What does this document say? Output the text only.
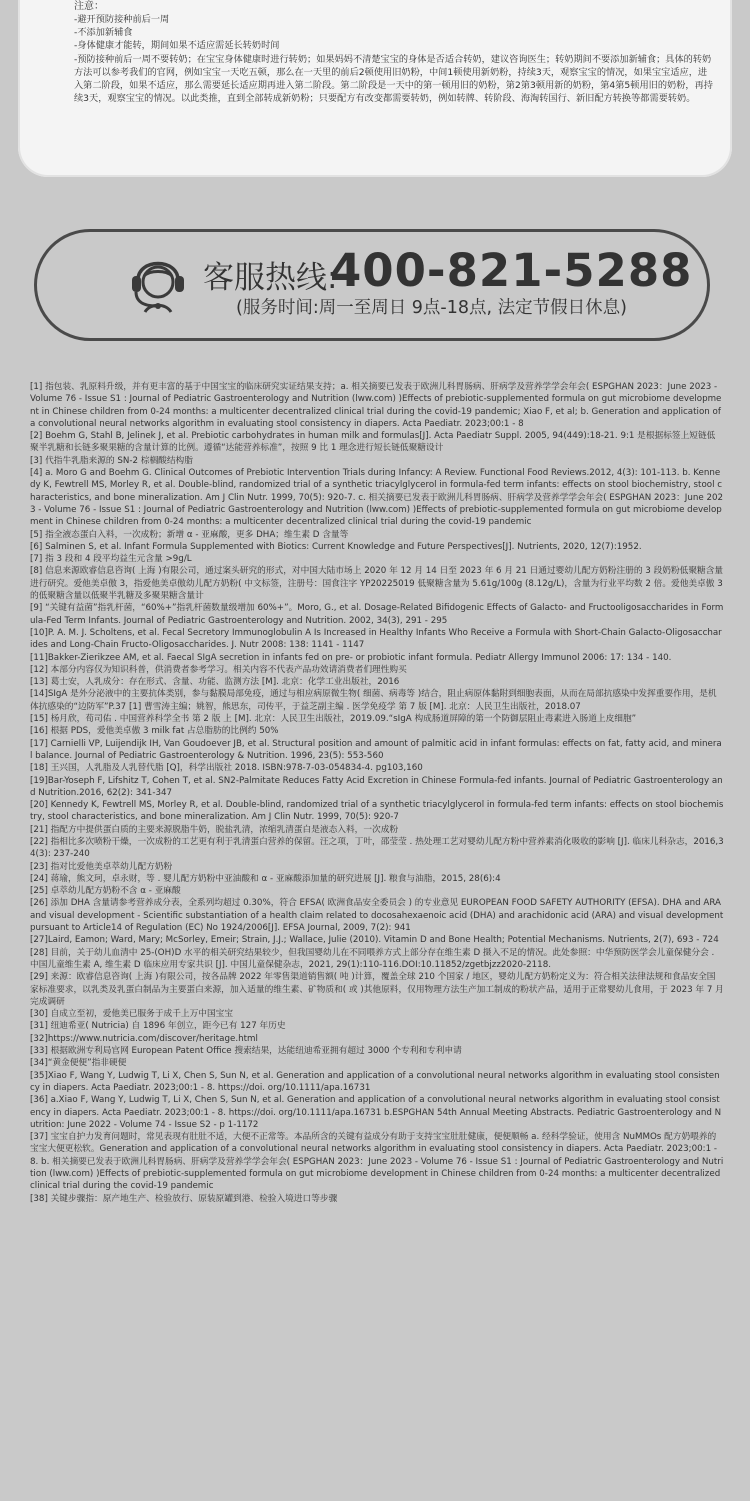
注意：
-避开预防接种前后一周
-不添加新辅食
-身体健康才能转，期间如果不适应需延长转奶时间
-预防接种前后一周不要转奶；在宝宝身体健康时进行转奶；如果妈妈不清楚宝宝的身体是否适合转奶，建议咨询医生；转奶期间不要添加新辅食；具体的转奶方法可以参考我们的官网，例如宝宝一天吃五顿，那么在一天里的前后2顿使用旧奶粉，中间1顿使用新奶粉，持续3天，观察宝宝的情况，如果宝宝适应，进入第二阶段，如果不适应，那么需要延长适应期再进入第二阶段。第二阶段是一天中的第一顿用旧的奶粉，第2第3顿用新的奶粉，第4第5顿用旧的奶粉，再持续3天，观察宝宝的情况。以此类推，直到全部转成新奶粉；只要配方有改变都需要转奶，例如转牌、转阶段、海淘转国行、新旧配方转换等都需要转奶。
客服热线:
400-821-5288
(服务时间:周一至周日 9点-18点, 法定节假日休息)
[1] 指包装、乳原料升级，并有更丰富的基于中国宝宝的临床研究实证结果支持；a. 相关摘要已发表于欧洲儿科胃肠病、肝病学及营养学学会年会( ESPGHAN 2023：June 2023 - Volume 76 - Issue S1 : Journal of Pediatric Gastroenterology and Nutrition (lww.com) )Effects of prebiotic-supplemented formula on gut microbiome development in Chinese children from 0-24 months: a multicenter decentralized clinical trial during the covid-19 pandemic; Xiao F, et al; b. Generation and application of a convolutional neural networks algorithm in evaluating stool consistency in diapers. Acta Paediatr. 2023;00:1 - 8
[2] Boehm G, Stahl B, Jelinek J, et al. Prebiotic carbohydrates in human milk and formulas[J]. Acta Paediatr Suppl. 2005, 94(449):18-21. 9:1 是根据标签上短链低聚半乳糖和长链多聚果糖的含量计算的比例。遵循“达能营养标准”，按照 9 比 1 理念进行短长链低聚糖设计
[3] 代指牛乳脂来源的 SN-2 棕榈酸结构脂
[4] a. Moro G and Boehm G. Clinical Outcomes of Prebiotic Intervention Trials during Infancy: A Review. Functional Food Reviews.2012, 4(3): 101-113. b. Kennedy K, Fewtrell MS, Morley R, et al. Double-blind, randomized trial of a synthetic triacylglycerol in formula-fed term infants: effects on stool biochemistry, stool characteristics, and bone mineralization. Am J Clin Nutr. 1999, 70(5): 920-7. c. 相关摘要已发表于欧洲儿科胃肠病、肝病学及营养学学会年会( ESPGHAN 2023：June 2023 - Volume 76 - Issue S1 : Journal of Pediatric Gastroenterology and Nutrition (lww.com) )Effects of prebiotic-supplemented formula on gut microbiome development in Chinese children from 0-24 months: a multicenter decentralized clinical trial during the covid-19 pandemic
[5] 指全液态蛋白入料，一次成粉；新增 α - 亚麻酸，更多 DHA；维生素 D 含量等
[6] Salminen S, et al. Infant Formula Supplemented with Biotics: Current Knowledge and Future Perspectives[J]. Nutrients, 2020, 12(7):1952.
[7] 指 3 段和 4 段平均益生元含量 >9g/L
[8] 信息来源欧睿信息咨询( 上海 )有限公司，通过案头研究的形式，对中国大陆市场上 2020 年 12 月 14 日至 2023 年 6 月 21 日通过婴幼儿配方奶粉注册的 3 段奶粉低聚糖含量进行研究。爱他美卓傲 3，指爱他美卓傲幼儿配方奶粉( 中文标签，注册号：国食注字 YP20225019 低聚糖含量为 5.61g/100g (8.12g/L)，含量为行业平均数 2 倍。爱他美卓傲 3 的低聚糖含量以低聚半乳糖及多聚果糖含量计
[9] “关键有益菌”指乳杆菌，“60%+”指乳杆菌数量级增加 60%+”。Moro, G., et al. Dosage-Related Bifidogenic Effects of Galacto- and Fructooligosaccharides in Formula-Fed Term Infants. Journal of Pediatric Gastroenterology and Nutrition. 2002, 34(3), 291 - 295
[10]P. A. M. J. Scholtens, et al. Fecal Secretory Immunoglobulin A Is Increased in Healthy Infants Who Receive a Formula with Short-Chain Galacto-Oligosaccharides and Long-Chain Fructo-Oligosaccharides. J. Nutr 2008: 138: 1141 - 1147
[11]Bakker-Zierikzee AM, et al. Faecal SIgA secretion in infants fed on pre- or probiotic infant formula. Pediatr Allergy Immunol 2006: 17: 134 - 140.
[12] 本部分内容仅为知识科普，供消费者参考学习。相关内容不代表产品功效请消费者们理性购买
[13] 葛士安，人乳成分：存在形式、含量、功能、监测方法 [M]. 北京：化学工业出版社，2016
[14]SIgA 是外分泌液中的主要抗体类别，参与黏膜局部免疫，通过与相应病原微生物( 细菌、病毒等 )结合，阻止病原体黏附到细胞表面，从而在局部抗感染中发挥重要作用，是机体抗感染的“边防军”P.37 [1] 曹雪涛主编；姚智，熊思东，司传平，于益芝副主编 . 医学免疫学 第 7 版 [M]. 北京：人民卫生出版社，2018.07
[15] 杨月欣，荀司佑 . 中国营养科学全书 第 2 版 上 [M]. 北京：人民卫生出版社，2019.09.“sIgA 构成肠道屏障的第一个防御层阻止毒素进入肠道上皮细胞”
[16] 根据 PDS，爱他美卓傲 3 milk fat 占总脂肪的比例约 50%
[17] Carnielli VP, Luijendijk IH, Van Goudoever JB, et al. Structural position and amount of palmitic acid in infant formulas: effects on fat, fatty acid, and mineral balance. Journal of Pediatric Gastroenterology & Nutrition. 1996, 23(5): 553-560
[18] 王兴国，人乳脂及人乳替代脂 [Q]，科学出版社 2018. ISBN:978-7-03-054834-4. pg103,160
[19]Bar-Yoseph F, Lifshitz T, Cohen T, et al. SN2-Palmitate Reduces Fatty Acid Excretion in Chinese Formula-fed infants. Journal of Pediatric Gastroenterology and Nutrition.2016, 62(2): 341-347
[20] Kennedy K, Fewtrell MS, Morley R, et al. Double-blind, randomized trial of a synthetic triacylglycerol in formula-fed term infants: effects on stool biochemistry, stool characteristics, and bone mineralization. Am J Clin Nutr. 1999, 70(5): 920-7
[21] 指配方中提供蛋白质的主要来源脱脂牛奶，脱盐乳清，浓缩乳清蛋白是液态入料，一次成粉
[22] 指相比多次喷粉干燥，一次成粉的工艺更有利于乳清蛋白营养的保留。汪之项，丁叶，邵莹莹 . 热处理工艺对婴幼儿配方粉中营养素消化吸收的影响 [J]. 临床儿科杂志，2016,34(3): 237-240
[23] 指对比爱他美卓萃幼儿配方奶粉
[24] 蒋瑜，熊文珂，卓永财，等 . 婴儿配方奶粉中亚油酸和 α - 亚麻酸添加量的研究进展 [J]. 粮食与油脂，2015, 28(6):4
[25] 卓萃幼儿配方奶粉不含 α - 亚麻酸
[26] 添加 DHA 含量请参考营养成分表，全系列均超过 0.30%，符合 EFSA( 欧洲食品安全委员会 ) 的专业意见 EUROPEAN FOOD SAFETY AUTHORITY (EFSA). DHA and ARA and visual development - Scientific substantiation of a health claim related to docosahexaenoic acid (DHA) and arachidonic acid (ARA) and visual development pursuant to Article14 of Regulation (EC) No 1924/2006[J]. EFSA Journal, 2009, 7(2): 941
[27]Laird, Eamon; Ward, Mary; McSorley, Emeir; Strain, J.J.; Wallace, Julie (2010). Vitamin D and Bone Health; Potential Mechanisms. Nutrients, 2(7), 693 - 724
[28] 目前，关于幼儿血清中 25-(OH)D 水平的相关研究结果较少，但我国婴幼儿在不同喂养方式上部分存在维生素 D 摄入不足的情况。此处参照：中华预防医学会儿童保健分会 . 中国儿童维生素 A, 维生素 D 临床应用专家共识 [J]. 中国儿童保健杂志，2021, 29(1):110-116.DOI:10.11852/zgetbjzz2020-2118.
[29] 来源：欧睿信息咨询( 上海 )有限公司，按各品牌 2022 年零售渠道销售额( 吨 )计算，覆盖全球 210 个国家 / 地区，婴幼儿配方奶粉定义为：符合相关法律法规和食品安全国家标准要求，以乳类及乳蛋白制品为主要蛋白来源，加入适量的维生素、矿物质和( 或 )其他原料，仅用物理方法生产加工制成的粉状产品，适用于正常婴幼儿食用，于 2023 年 7 月完成调研
[30] 自成立至初，爱他美已服务于成千上万中国宝宝
[31] 纽迪希亚( Nutricia) 自 1896 年创立，距今已有 127 年历史
[32]https://www.nutricia.com/discover/heritage.html
[33] 根据欧洲专利局官网 European Patent Office 搜索结果，达能纽迪希亚拥有超过 3000 个专利和专利申请
[34]“黄金便便”指非硬便
[35]Xiao F, Wang Y, Ludwig T, Li X, Chen S, Sun N, et al. Generation and application of a convolutional neural networks algorithm in evaluating stool consistency in diapers. Acta Paediatr. 2023;00:1 - 8. https://doi. org/10.1111/apa.16731
[36] a.Xiao F, Wang Y, Ludwig T, Li X, Chen S, Sun N, et al. Generation and application of a convolutional neural networks algorithm in evaluating stool consistency in diapers. Acta Paediatr. 2023;00:1 - 8. https://doi. org/10.1111/apa.16731 b.ESPGHAN 54th Annual Meeting Abstracts. Pediatric Gastroenterology and Nutrition: June 2022 - Volume 74 - Issue S2 - p 1-1172
[37] 宝宝自护力发育问题时，常见表现有肚肚不适，大便不正常等。本品所含的关键有益成分有助于支持宝宝肚肚健康，便便顺畅 a. 经科学验证，使用含 NuMMOs 配方奶喂养的宝宝大便更松软。Generation and application of a convolutional neural networks algorithm in evaluating stool consistency in diapers. Acta Paediatr. 2023;00:1 - 8. b. 相关摘要已发表于欧洲儿科胃肠病、肝病学及营养学学会年会( ESPGHAN 2023：June 2023 - Volume 76 - Issue S1 : Journal of Pediatric Gastroenterology and Nutrition (lww.com) )Effects of prebiotic-supplemented formula on gut microbiome development in Chinese children from 0-24 months: a multicenter decentralized clinical trial during the covid-19 pandemic
[38] 关键步骤指：原产地生产、检验放行、原装原罐到港、检验入境进口等步骤
